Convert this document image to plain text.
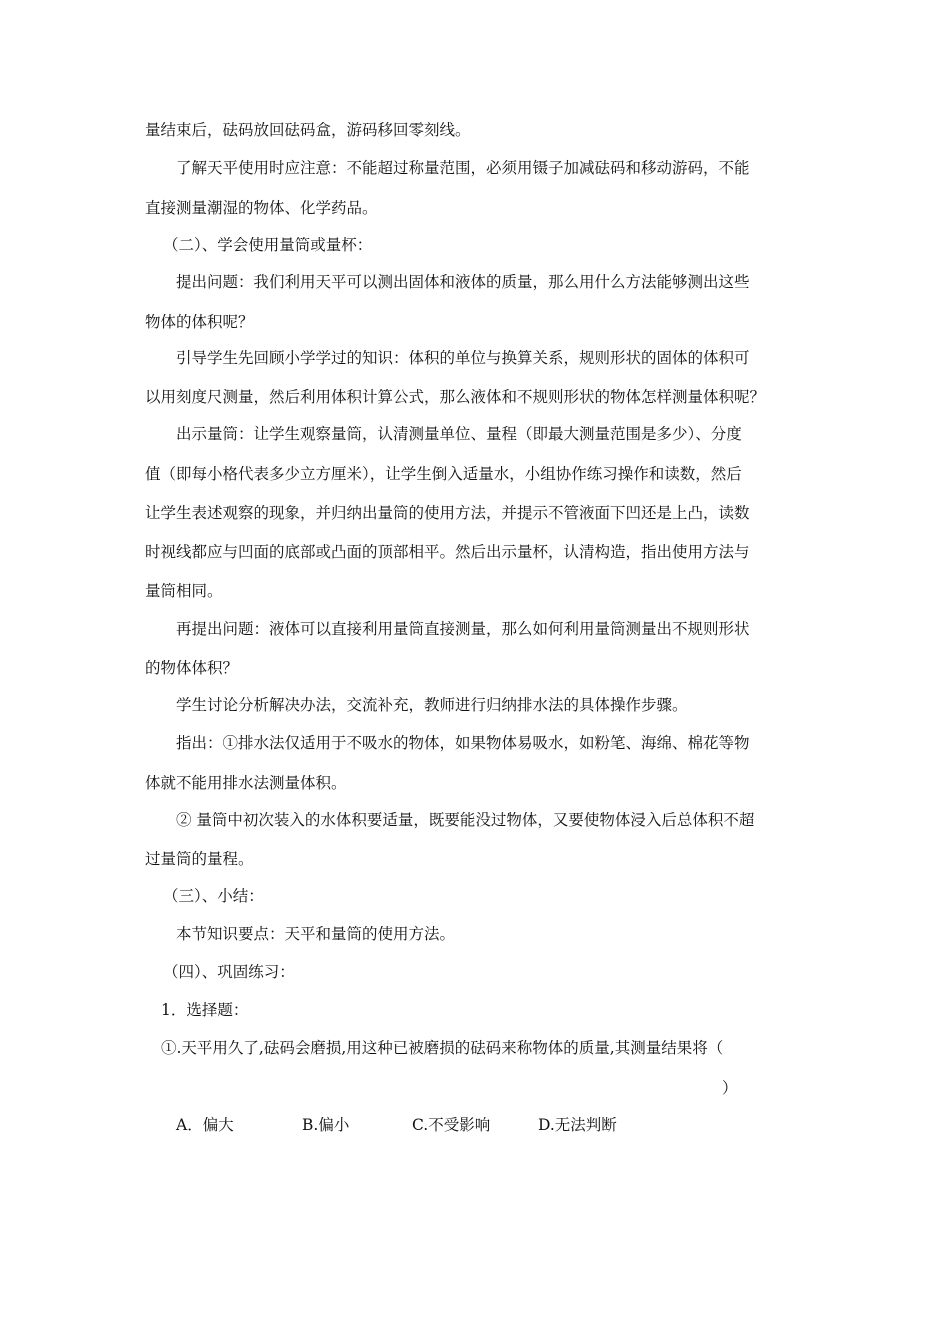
量结束后，砝码放回砝码盒，游码移回零刻线。
了解天平使用时应注意：不能超过称量范围，必须用镊子加减砝码和移动游码，不能
直接测量潮湿的物体、化学药品。
（二）、学会使用量筒或量杯：
提出问题：我们利用天平可以测出固体和液体的质量，那么用什么方法能够测出这些
物体的体积呢？
引导学生先回顾小学学过的知识：体积的单位与换算关系，规则形状的固体的体积可
以用刻度尺测量，然后利用体积计算公式，那么液体和不规则形状的物体怎样测量体积呢？
出示量筒：让学生观察量筒，认清测量单位、量程（即最大测量范围是多少）、分度
值（即每小格代表多少立方厘米），让学生倒入适量水，小组协作练习操作和读数，然后
让学生表述观察的现象，并归纳出量筒的使用方法，并提示不管液面下凹还是上凸，读数
时视线都应与凹面的底部或凸面的顶部相平。然后出示量杯，认清构造，指出使用方法与
量筒相同。
再提出问题：液体可以直接利用量筒直接测量，那么如何利用量筒测量出不规则形状
的物体体积？
学生讨论分析解决办法，交流补充，教师进行归纳排水法的具体操作步骤。
指出：①排水法仅适用于不吸水的物体，如果物体易吸水，如粉笔、海绵、棉花等物
体就不能用排水法测量体积。
② 量筒中初次装入的水体积要适量，既要能没过物体，又要使物体浸入后总体积不超
过量筒的量程。
（三）、小结：
本节知识要点：天平和量筒的使用方法。
（四）、巩固练习：
1．选择题：
①.天平用久了,砝码会磨损,用这种已被磨损的砝码来称物体的质量,其测量结果将（
）
A．偏大	B.偏小	C.不受影响	D.无法判断
